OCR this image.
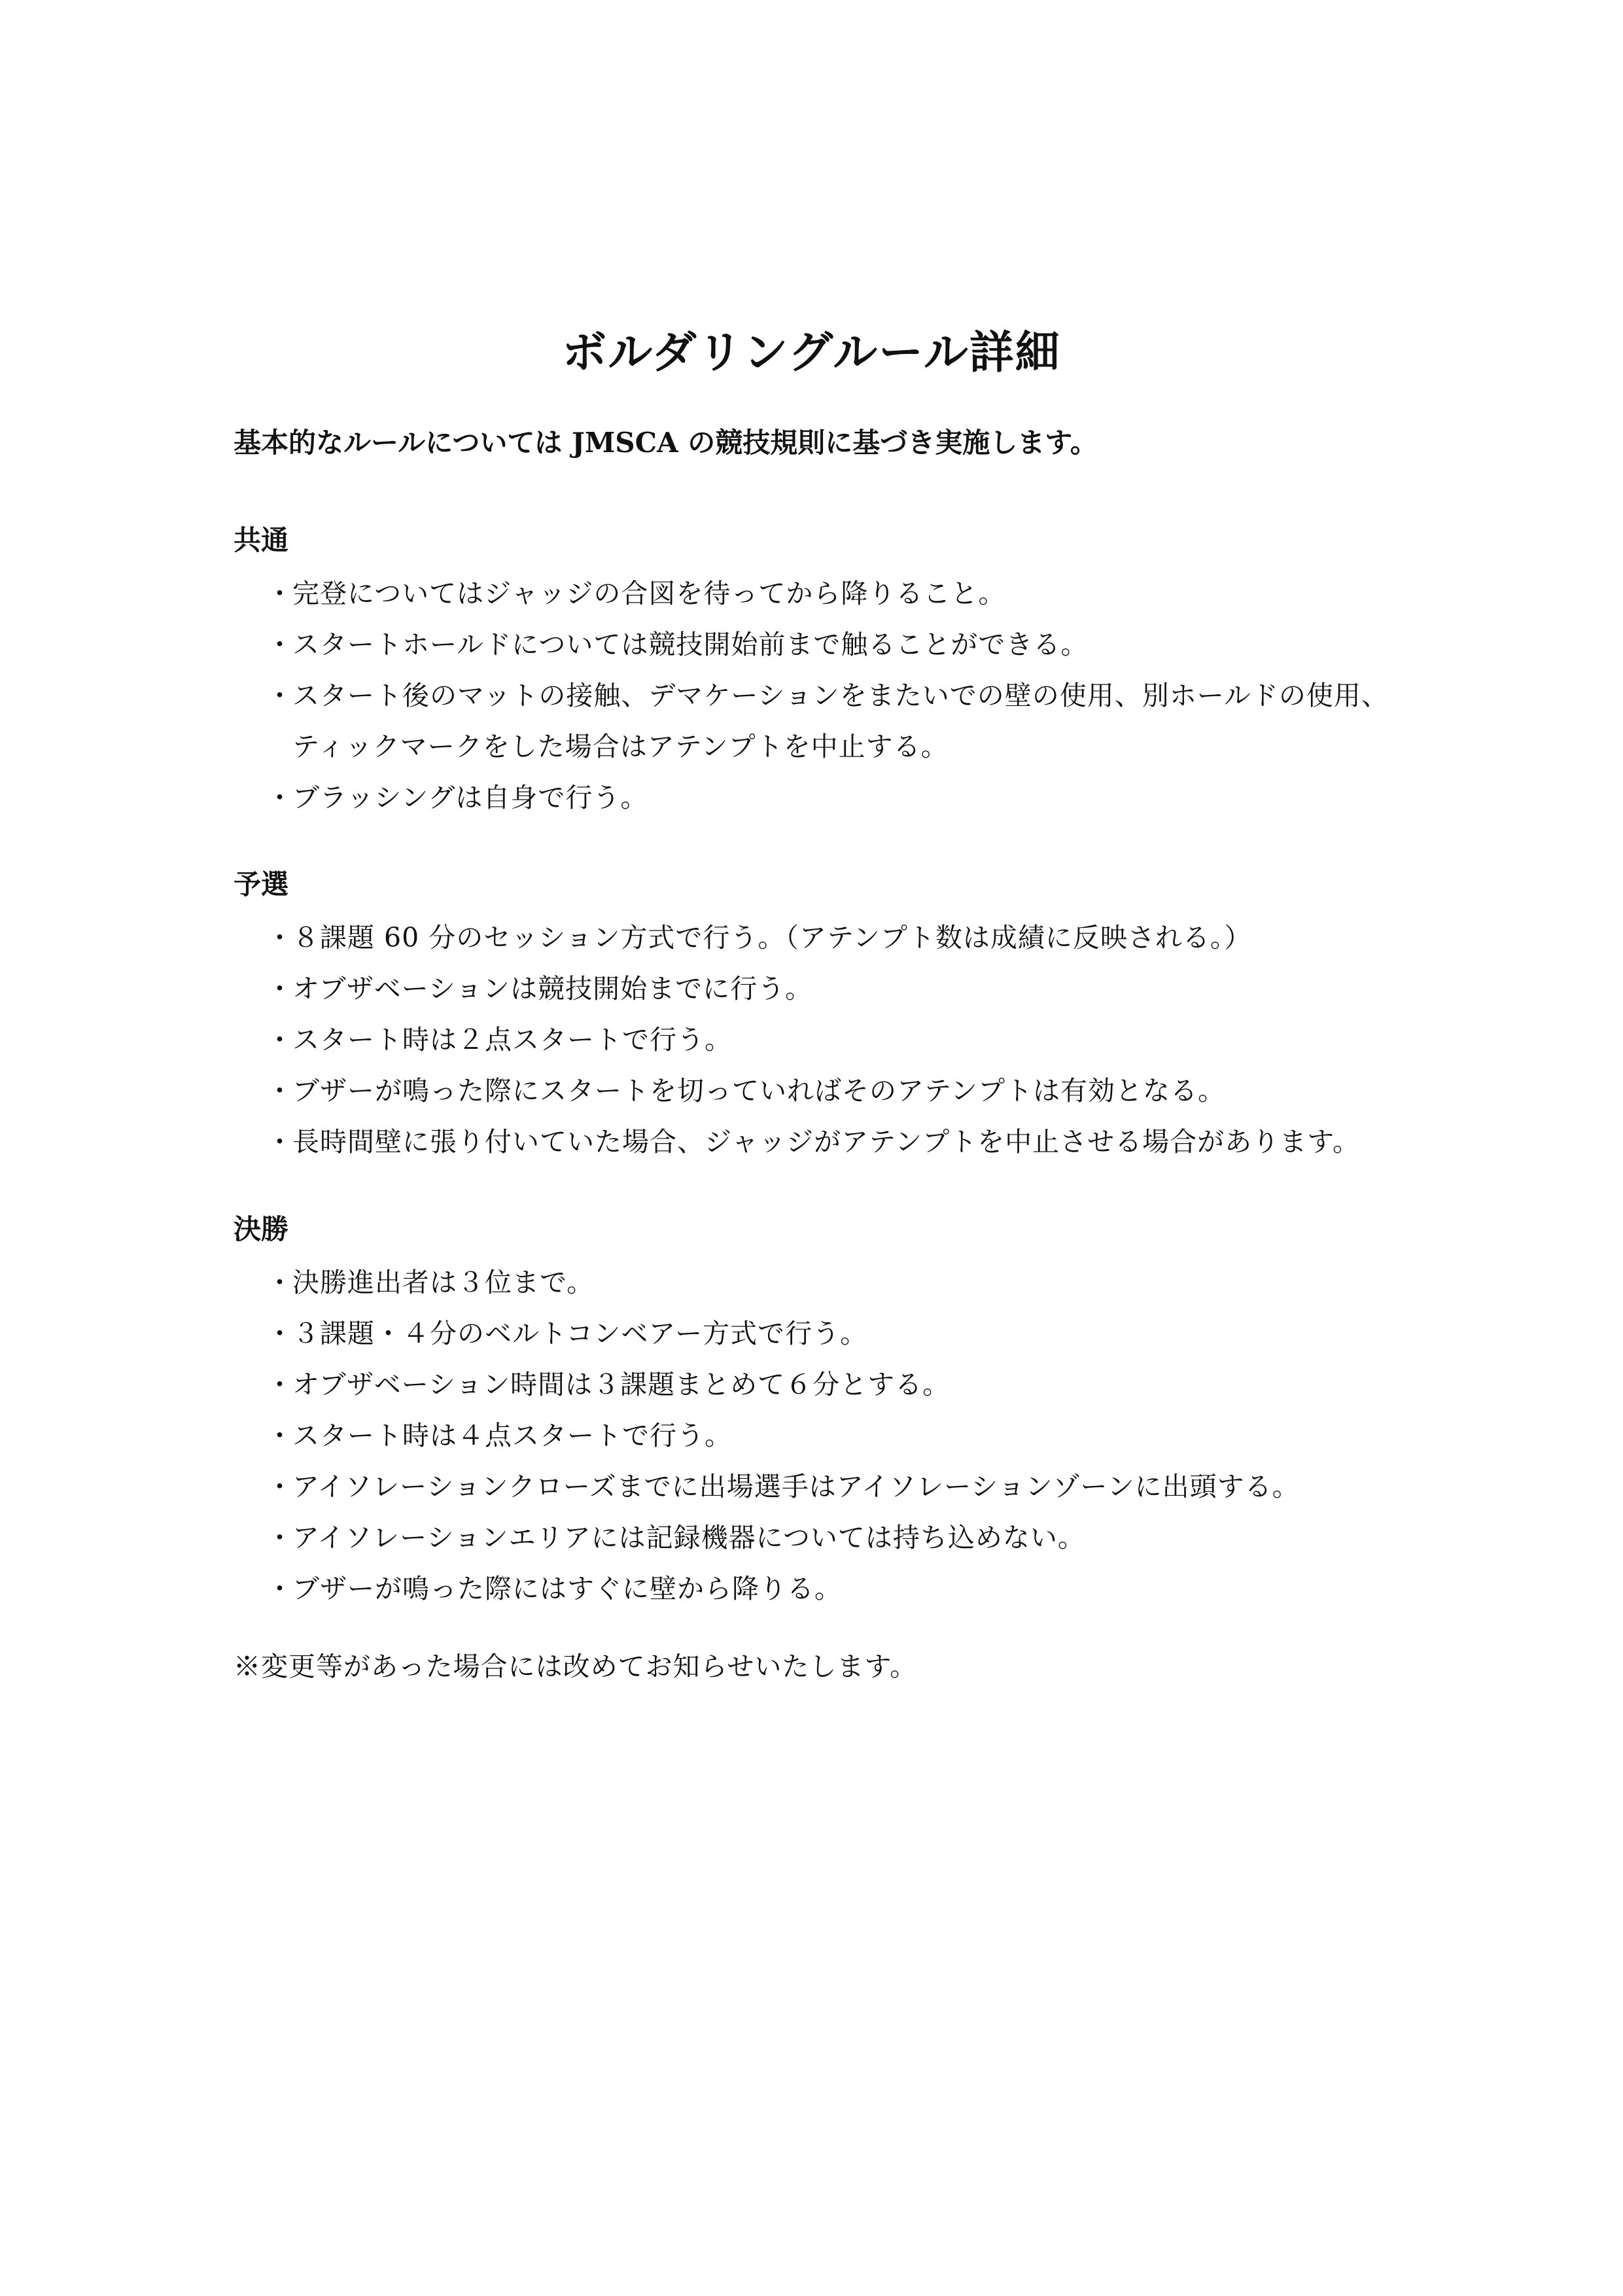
ボルダリングルール詳細

基本的なルールについては JMSCA の競技規則に基づき実施します。

共通
・完登についてはジャッジの合図を待ってから降りること。
・スタートホールドについては競技開始前まで触ることができる。
・スタート後のマットの接触、デマケーションをまたいでの壁の使用、別ホールドの使用、
ティックマークをした場合はアテンプトを中止する。
・ブラッシングは自身で行う。
予選
・８課題 60 分のセッション方式で行う。（アテンプト数は成績に反映される。）
・オブザベーションは競技開始までに行う。
・スタート時は２点スタートで行う。
・ブザーが鳴った際にスタートを切っていればそのアテンプトは有効となる。
・長時間壁に張り付いていた場合、ジャッジがアテンプトを中止させる場合があります。
決勝
・決勝進出者は３位まで。
・３課題・４分のベルトコンベアー方式で行う。
・オブザベーション時間は３課題まとめて６分とする。
・スタート時は４点スタートで行う。
・アイソレーションクローズまでに出場選手はアイソレーションゾーンに出頭する。
・アイソレーションエリアには記録機器については持ち込めない。
・ブザーが鳴った際にはすぐに壁から降りる。

※変更等があった場合には改めてお知らせいたします。
